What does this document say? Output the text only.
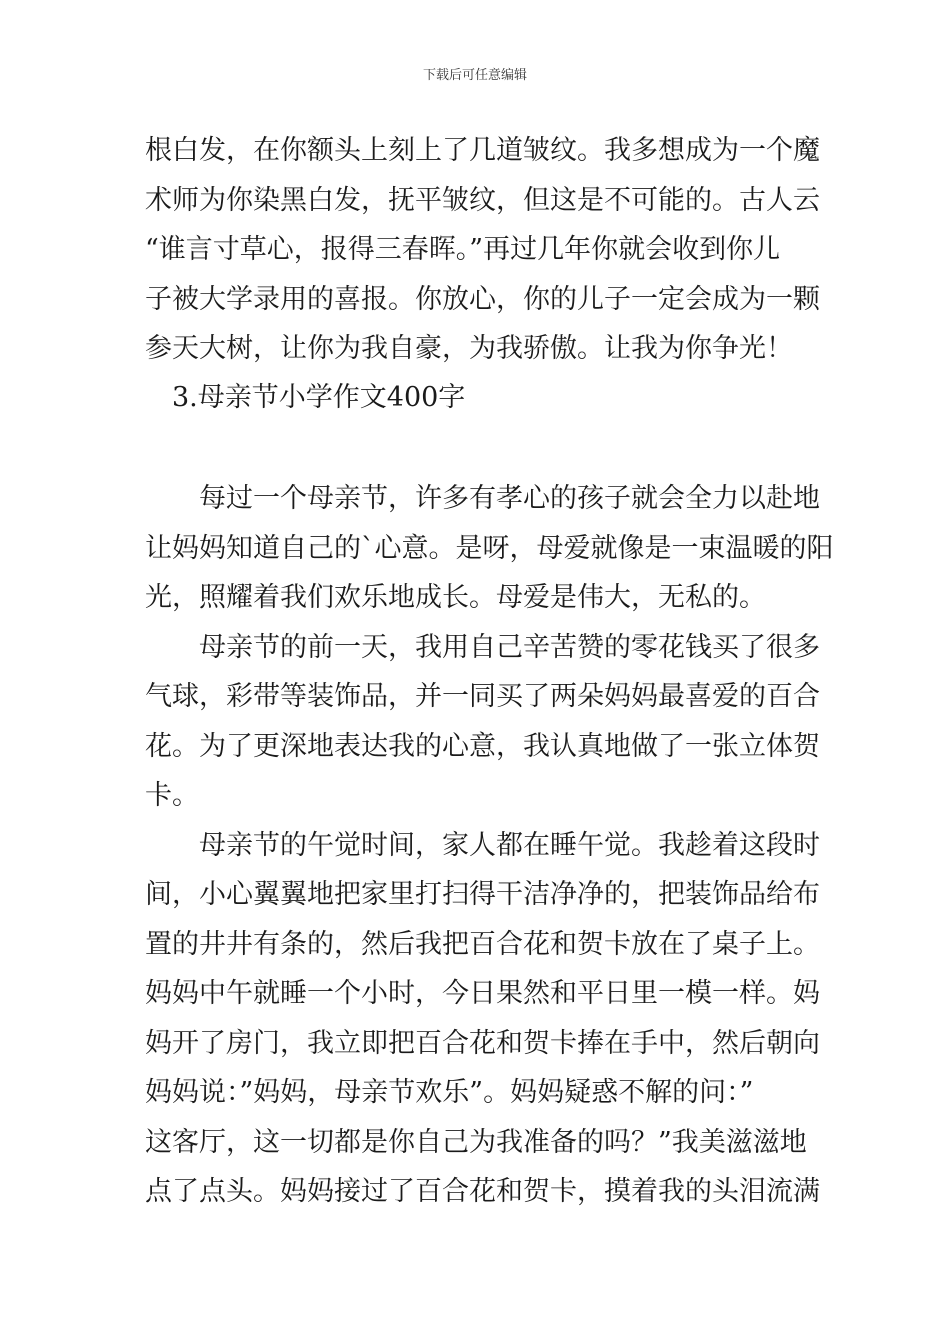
下载后可任意编辑
根白发，在你额头上刻上了几道皱纹。我多想成为一个魔
术师为你染黑白发，抚平皱纹，但这是不可能的。古人云
“谁言寸草心，报得三春晖。”再过几年你就会收到你儿
子被大学录用的喜报。你放心，你的儿子一定会成为一颗
参天大树，让你为我自豪，为我骄傲。让我为你争光！
3.母亲节小学作文400字
每过一个母亲节，许多有孝心的孩子就会全力以赴地
让妈妈知道自己的`心意。是呀，母爱就像是一束温暖的阳
光，照耀着我们欢乐地成长。母爱是伟大，无私的。
母亲节的前一天，我用自己辛苦赞的零花钱买了很多
气球，彩带等装饰品，并一同买了两朵妈妈最喜爱的百合
花。为了更深地表达我的心意，我认真地做了一张立体贺
卡。
母亲节的午觉时间，家人都在睡午觉。我趁着这段时
间，小心翼翼地把家里打扫得干洁净净的，把装饰品给布
置的井井有条的，然后我把百合花和贺卡放在了桌子上。
妈妈中午就睡一个小时，今日果然和平日里一模一样。妈
妈开了房门，我立即把百合花和贺卡捧在手中，然后朝向
妈妈说：”妈妈，母亲节欢乐”。妈妈疑惑不解的问：”
这客厅，这一切都是你自己为我准备的吗？”我美滋滋地
点了点头。妈妈接过了百合花和贺卡，摸着我的头泪流满
